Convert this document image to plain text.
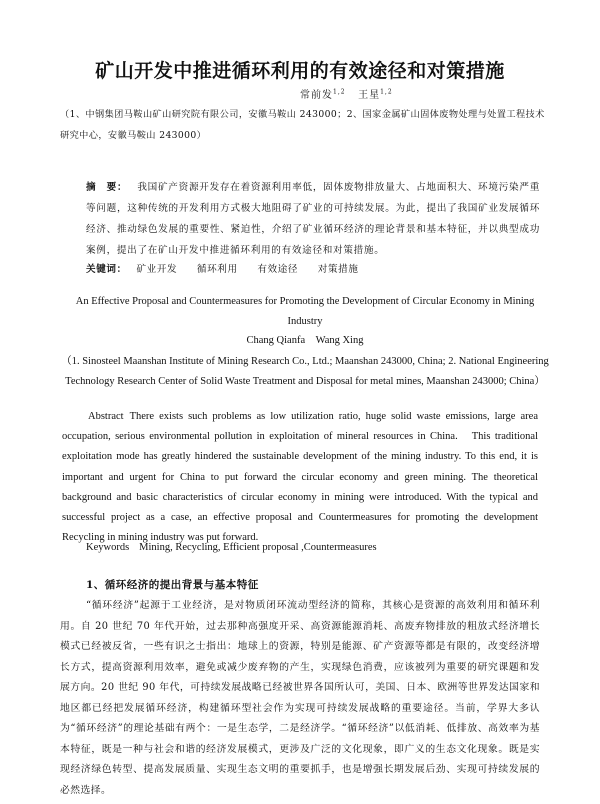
矿山开发中推进循环利用的有效途径和对策措施
常前发$^{1,2}$ 王星$^{1,2}$
（1、中钢集团马鞍山矿山研究院有限公司，安徽马鞍山 243000；2、国家金属矿山固体废物处理与处置工程技术研究中心，安徽马鞍山 243000）
摘　要： 我国矿产资源开发存在着资源利用率低，固体废物排放量大、占地面积大、环境污染严重等问题，这种传统的开发利用方式极大地阻碍了矿业的可持续发展。为此，提出了我国矿业发展循环经济、推动绿色发展的重要性、紧迫性，介绍了矿业循环经济的理论背景和基本特征，并以典型成功案例，提出了在矿山开发中推进循环利用的有效途径和对策措施。
关键词： 矿业开发 循环利用 有效途径 对策措施
An Effective Proposal and Countermeasures for Promoting the Development of Circular Economy in Mining Industry
Chang Qianfa　Wang Xing
（1. Sinosteel Maanshan Institute of Mining Research Co., Ltd.; Maanshan 243000, China; 2. National Engineering Technology Research Center of Solid Waste Treatment and Disposal for metal mines, Maanshan 243000; China）
Abstract There exists such problems as low utilization ratio, huge solid waste emissions, large area occupation, serious environmental pollution in exploitation of mineral resources in China.　This traditional exploitation mode has greatly hindered the sustainable development of the mining industry. To this end, it is important and urgent for China to put forward the circular economy and green mining. The theoretical background and basic characteristics of circular economy in mining were introduced. With the typical and successful project as a case, an effective proposal and Countermeasures for promoting the development Recycling in mining industry was put forward.
Keywords Mining, Recycling, Efficient proposal ,Countermeasures
1、循环经济的提出背景与基本特征
“循环经济”起源于工业经济，是对物质闭环流动型经济的简称，其核心是资源的高效利用和循环利用。自 20 世纪 70 年代开始，过去那种高强度开采、高资源能源消耗、高废弃物排放的粗放式经济增长模式已经被反省，一些有识之士指出：地球上的资源，特别是能源、矿产资源等都是有限的，改变经济增长方式，提高资源利用效率，避免或减少废弃物的产生，实现绿色消费，应该被列为重要的研究课题和发展方向。20 世纪 90 年代，可持续发展战略已经被世界各国所认可，美国、日本、欧洲等世界发达国家和地区都已经把发展循环经济，构建循环型社会作为实现可持续发展战略的重要途径。当前，学界大多认为“循环经济”的理论基础有两个：一是生态学，二是经济学。“循环经济”以低消耗、低排放、高效率为基本特征，既是一种与社会和谐的经济发展模式，更涉及广泛的文化现象，即广义的生态文化现象。既是实现经济绿色转型、提高发展质量、实现生态文明的重要抓手，也是增强长期发展后劲、实现可持续发展的必然选择。
